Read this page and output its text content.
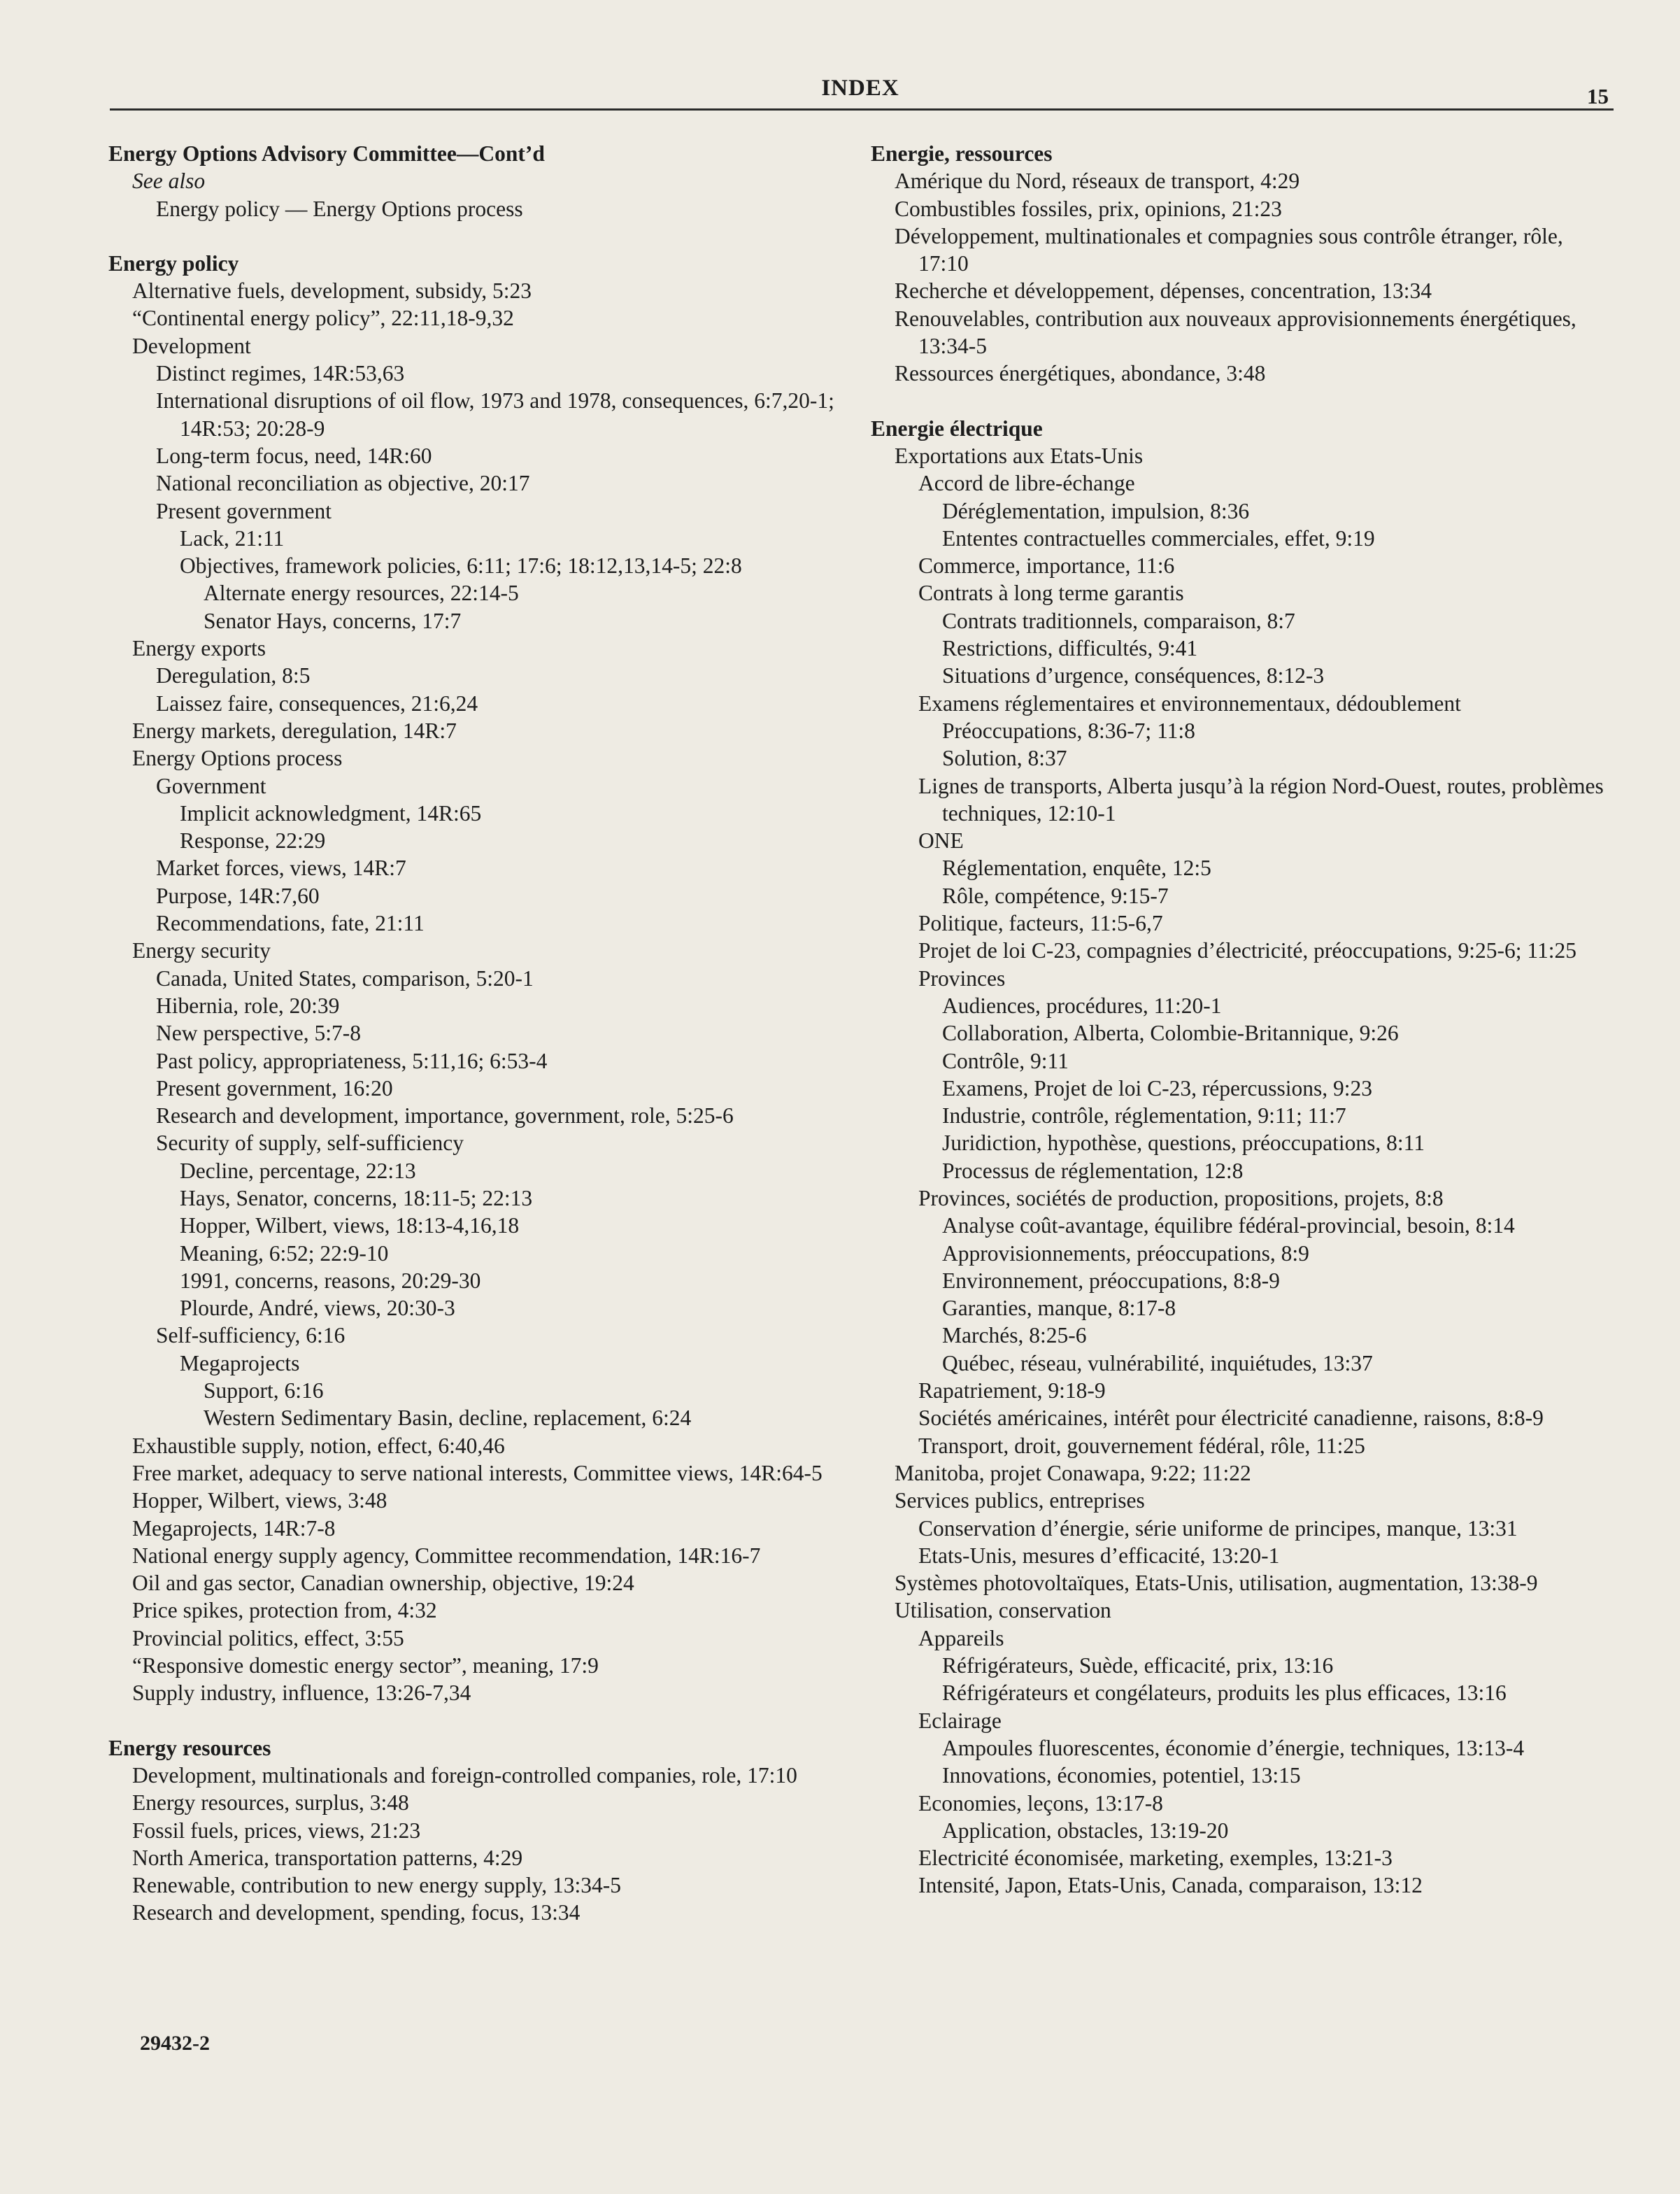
INDEX	15
Energy Options Advisory Committee—Cont’d
See also
Energy policy — Energy Options process
Energy policy
Alternative fuels, development, subsidy, 5:23
“Continental energy policy”, 22:11,18-9,32
Development
Distinct regimes, 14R:53,63
International disruptions of oil flow, 1973 and 1978, consequences, 6:7,20-1; 14R:53; 20:28-9
Long-term focus, need, 14R:60
National reconciliation as objective, 20:17
Present government
Lack, 21:11
Objectives, framework policies, 6:11; 17:6; 18:12,13,14-5; 22:8
Alternate energy resources, 22:14-5
Senator Hays, concerns, 17:7
Energy exports
Deregulation, 8:5
Laissez faire, consequences, 21:6,24
Energy markets, deregulation, 14R:7
Energy Options process
Government
Implicit acknowledgment, 14R:65
Response, 22:29
Market forces, views, 14R:7
Purpose, 14R:7,60
Recommendations, fate, 21:11
Energy security
Canada, United States, comparison, 5:20-1
Hibernia, role, 20:39
New perspective, 5:7-8
Past policy, appropriateness, 5:11,16; 6:53-4
Present government, 16:20
Research and development, importance, government, role, 5:25-6
Security of supply, self-sufficiency
Decline, percentage, 22:13
Hays, Senator, concerns, 18:11-5; 22:13
Hopper, Wilbert, views, 18:13-4,16,18
Meaning, 6:52; 22:9-10
1991, concerns, reasons, 20:29-30
Plourde, André, views, 20:30-3
Self-sufficiency, 6:16
Megaprojects
Support, 6:16
Western Sedimentary Basin, decline, replacement, 6:24
Exhaustible supply, notion, effect, 6:40,46
Free market, adequacy to serve national interests, Committee views, 14R:64-5
Hopper, Wilbert, views, 3:48
Megaprojects, 14R:7-8
National energy supply agency, Committee recommendation, 14R:16-7
Oil and gas sector, Canadian ownership, objective, 19:24
Price spikes, protection from, 4:32
Provincial politics, effect, 3:55
“Responsive domestic energy sector”, meaning, 17:9
Supply industry, influence, 13:26-7,34
Energy resources
Development, multinationals and foreign-controlled companies, role, 17:10
Energy resources, surplus, 3:48
Fossil fuels, prices, views, 21:23
North America, transportation patterns, 4:29
Renewable, contribution to new energy supply, 13:34-5
Research and development, spending, focus, 13:34
Energie, ressources
Amérique du Nord, réseaux de transport, 4:29
Combustibles fossiles, prix, opinions, 21:23
Développement, multinationales et compagnies sous contrôle étranger, rôle, 17:10
Recherche et développement, dépenses, concentration, 13:34
Renouvelables, contribution aux nouveaux approvisionnements énergétiques, 13:34-5
Ressources énergétiques, abondance, 3:48
Energie électrique
Exportations aux Etats-Unis
Accord de libre-échange
Déréglementation, impulsion, 8:36
Ententes contractuelles commerciales, effet, 9:19
Commerce, importance, 11:6
Contrats à long terme garantis
Contrats traditionnels, comparaison, 8:7
Restrictions, difficultés, 9:41
Situations d’urgence, conséquences, 8:12-3
Examens réglementaires et environnementaux, dédoublement
Préoccupations, 8:36-7; 11:8
Solution, 8:37
Lignes de transports, Alberta jusqu’à la région Nord-Ouest, routes, problèmes techniques, 12:10-1
ONE
Réglementation, enquête, 12:5
Rôle, compétence, 9:15-7
Politique, facteurs, 11:5-6,7
Projet de loi C-23, compagnies d’électricité, préoccupations, 9:25-6; 11:25
Provinces
Audiences, procédures, 11:20-1
Collaboration, Alberta, Colombie-Britannique, 9:26
Contrôle, 9:11
Examens, Projet de loi C-23, répercussions, 9:23
Industrie, contrôle, réglementation, 9:11; 11:7
Juridiction, hypothèse, questions, préoccupations, 8:11
Processus de réglementation, 12:8
Provinces, sociétés de production, propositions, projets, 8:8
Analyse coût-avantage, équilibre fédéral-provincial, besoin, 8:14
Approvisionnements, préoccupations, 8:9
Environnement, préoccupations, 8:8-9
Garanties, manque, 8:17-8
Marchés, 8:25-6
Québec, réseau, vulnérabilité, inquiétudes, 13:37
Rapatriement, 9:18-9
Sociétés américaines, intérêt pour électricité canadienne, raisons, 8:8-9
Transport, droit, gouvernement fédéral, rôle, 11:25
Manitoba, projet Conawapa, 9:22; 11:22
Services publics, entreprises
Conservation d’énergie, série uniforme de principes, manque, 13:31
Etats-Unis, mesures d’efficacité, 13:20-1
Systèmes photovoltaïques, Etats-Unis, utilisation, augmentation, 13:38-9
Utilisation, conservation
Appareils
Réfrigérateurs, Suède, efficacité, prix, 13:16
Réfrigérateurs et congélateurs, produits les plus efficaces, 13:16
Eclairage
Ampoules fluorescentes, économie d’énergie, techniques, 13:13-4
Innovations, économies, potentiel, 13:15
Economies, leçons, 13:17-8
Application, obstacles, 13:19-20
Electricité économisée, marketing, exemples, 13:21-3
Intensité, Japon, Etats-Unis, Canada, comparaison, 13:12
29432-2
